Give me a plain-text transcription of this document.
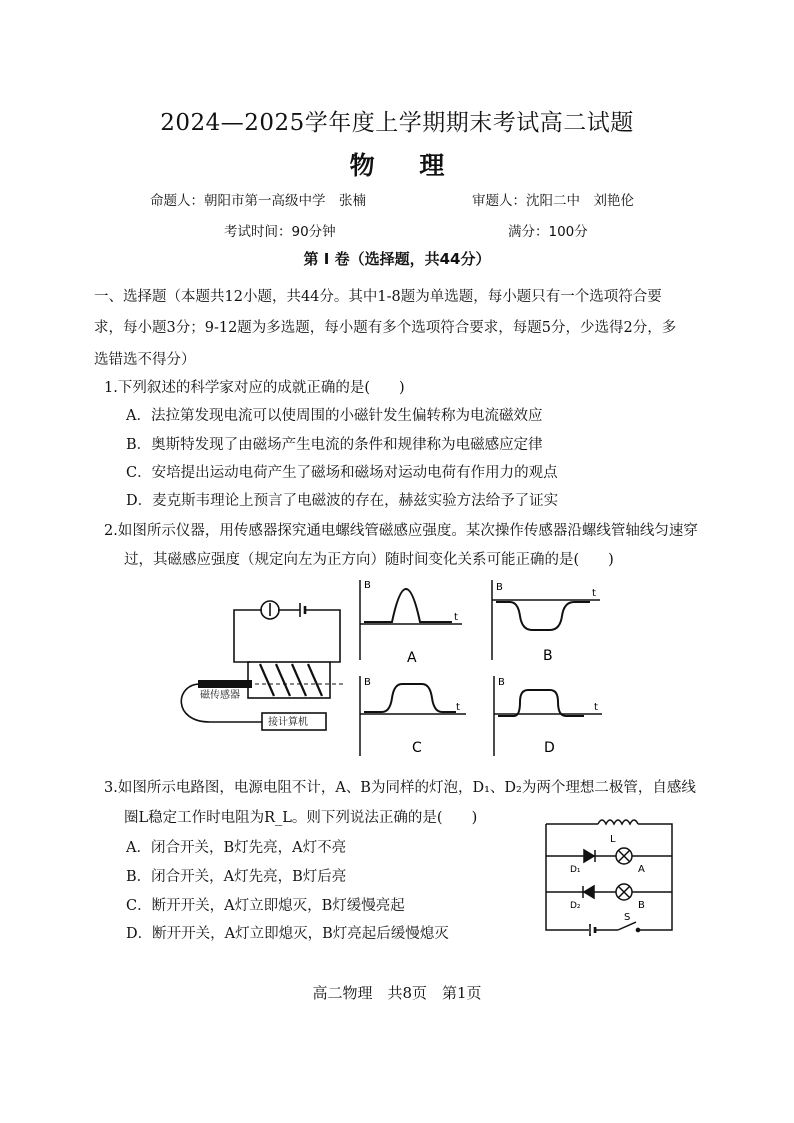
2024—2025学年度上学期期末考试高二试题
物 理
命题人：朝阳市第一高级中学　张楠	审题人：沈阳二中　刘艳伦
考试时间：90分钟	满分：100分
第 Ⅰ 卷（选择题，共44分）
一、选择题（本题共12小题，共44分。其中1-8题为单选题，每小题只有一个选项符合要
求，每小题3分；9-12题为多选题，每小题有多个选项符合要求，每题5分，少选得2分，多
选错选不得分）
1.下列叙述的科学家对应的成就正确的是(　　)
A．法拉第发现电流可以使周围的小磁针发生偏转称为电流磁效应
B．奥斯特发现了由磁场产生电流的条件和规律称为电磁感应定律
C．安培提出运动电荷产生了磁场和磁场对运动电荷有作用力的观点
D．麦克斯韦理论上预言了电磁波的存在，赫兹实验方法给予了证实
2.如图所示仪器，用传感器探究通电螺线管磁感应强度。某次操作传感器沿螺线管轴线匀速穿
过，其磁感应强度（规定向左为正方向）随时间变化关系可能正确的是(　　)
磁传感器
接计算机
B
t
A
B
t
B
B
t
C
B
t
D
3.如图所示电路图，电源电阻不计，A、B为同样的灯泡，D₁、D₂为两个理想二极管，自感线
圈L稳定工作时电阻为R_L。则下列说法正确的是(　　)
A．闭合开关，B灯先亮，A灯不亮
B．闭合开关，A灯先亮，B灯后亮
C．断开开关，A灯立即熄灭，B灯缓慢亮起
D．断开开关，A灯立即熄灭，B灯亮起后缓慢熄灭
L
D₁	A
D₂	B
S
高二物理　共8页　第1页
